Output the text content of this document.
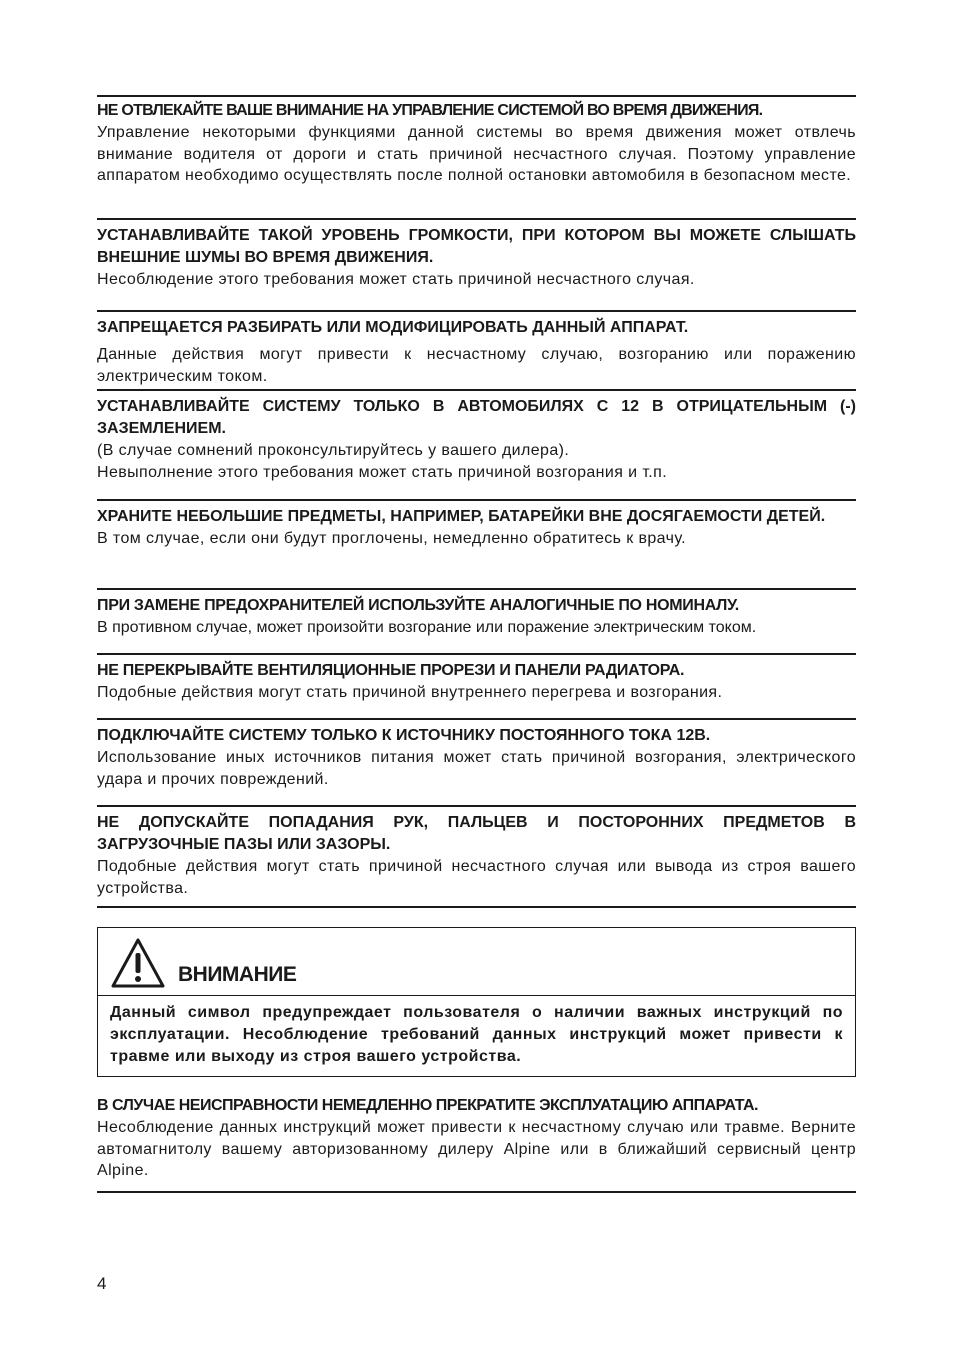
НЕ ОТВЛЕКАЙТЕ ВАШЕ ВНИМАНИЕ НА УПРАВЛЕНИЕ СИСТЕМОЙ ВО ВРЕМЯ ДВИЖЕНИЯ.

Управление некоторыми функциями данной системы во время движения может отвлечь внимание водителя от дороги и стать причиной несчастного случая. Поэтому управление аппаратом необходимо осуществлять после полной остановки автомобиля в безопасном месте.

УСТАНАВЛИВАЙТЕ ТАКОЙ УРОВЕНЬ ГРОМКОСТИ, ПРИ КОТОРОМ ВЫ МОЖЕТЕ СЛЫШАТЬ ВНЕШНИЕ ШУМЫ ВО ВРЕМЯ ДВИЖЕНИЯ.

Несоблюдение этого требования может стать причиной несчастного случая.

ЗАПРЕЩАЕТСЯ РАЗБИРАТЬ ИЛИ МОДИФИЦИРОВАТЬ ДАННЫЙ АППАРАТ.

Данные действия могут привести к несчастному случаю, возгоранию или поражению электрическим током.

УСТАНАВЛИВАЙТЕ СИСТЕМУ ТОЛЬКО В АВТОМОБИЛЯХ С 12 В ОТРИЦАТЕЛЬНЫМ (-) ЗАЗЕМЛЕНИЕМ.

(В случае сомнений проконсультируйтесь у вашего дилера).
Невыполнение этого требования может стать причиной возгорания и т.п.

ХРАНИТЕ НЕБОЛЬШИЕ ПРЕДМЕТЫ, НАПРИМЕР, БАТАРЕЙКИ ВНЕ ДОСЯГАЕМОСТИ ДЕТЕЙ.

В том случае, если они будут проглочены, немедленно обратитесь к врачу.

ПРИ ЗАМЕНЕ ПРЕДОХРАНИТЕЛЕЙ ИСПОЛЬЗУЙТЕ АНАЛОГИЧНЫЕ ПО НОМИНАЛУ.

В противном случае, может произойти возгорание или поражение электрическим током.

НЕ ПЕРЕКРЫВАЙТЕ ВЕНТИЛЯЦИОННЫЕ ПРОРЕЗИ И ПАНЕЛИ РАДИАТОРА.

Подобные действия могут стать причиной внутреннего перегрева и возгорания.

ПОДКЛЮЧАЙТЕ СИСТЕМУ ТОЛЬКО К ИСТОЧНИКУ ПОСТОЯННОГО ТОКА 12В.

Использование иных источников питания может стать причиной возгорания, электрического удара и прочих повреждений.

НЕ ДОПУСКАЙТЕ ПОПАДАНИЯ РУК, ПАЛЬЦЕВ И ПОСТОРОННИХ ПРЕДМЕТОВ В ЗАГРУЗОЧНЫЕ ПАЗЫ ИЛИ ЗАЗОРЫ.

Подобные действия могут стать причиной несчастного случая или вывода из строя вашего устройства.

ВНИМАНИЕ
Данный символ предупреждает пользователя о наличии важных инструкций по эксплуатации. Несоблюдение требований данных инструкций может привести к травме или выходу из строя вашего устройства.

В СЛУЧАЕ НЕИСПРАВНОСТИ НЕМЕДЛЕННО ПРЕКРАТИТЕ ЭКСПЛУАТАЦИЮ АППАРАТА.

Несоблюдение данных инструкций может привести к несчастному случаю или травме. Верните автомагнитолу вашему авторизованному дилеру Alpine или в ближайший сервисный центр Alpine.

4
